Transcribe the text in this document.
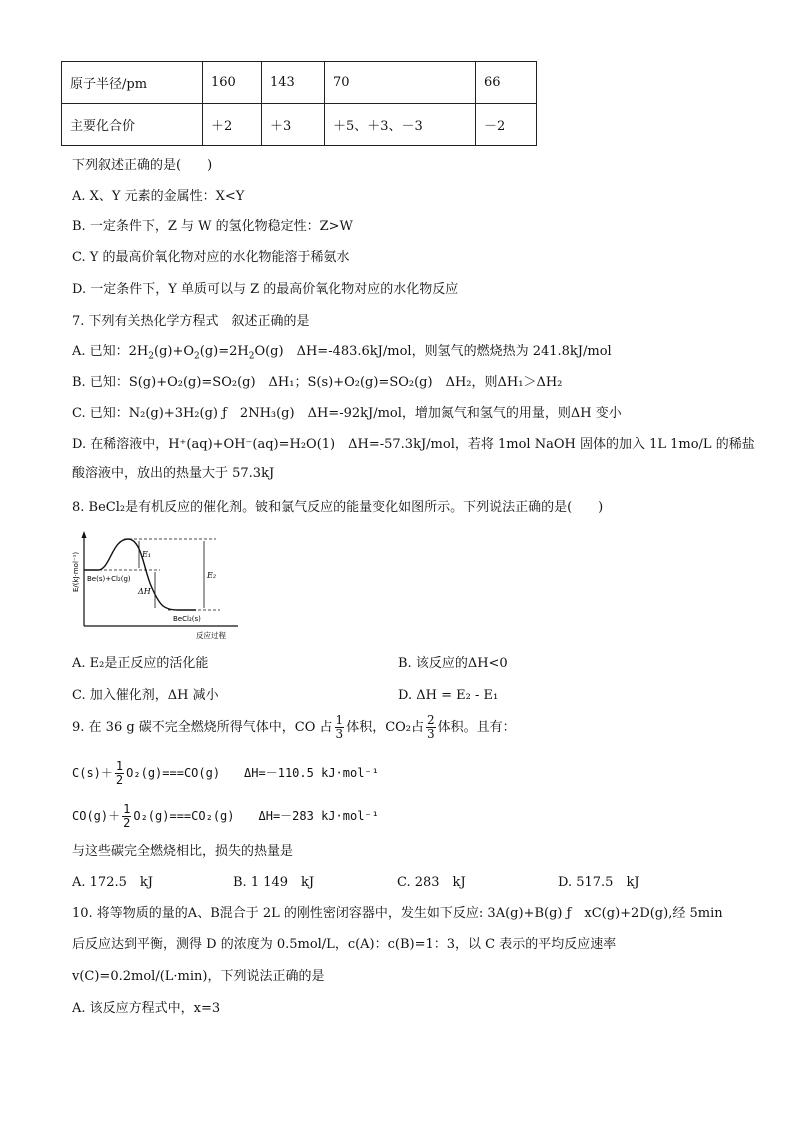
原子半径/pm	160	143	70	66
主要化合价	＋2	＋3	＋5、＋3、－3	－2
下列叙述正确的是(　　)
A. X、Y 元素的金属性：X<Y
B. 一定条件下，Z 与 W 的氢化物稳定性：Z>W
C. Y 的最高价氧化物对应的水化物能溶于稀氨水
D. 一定条件下，Y 单质可以与 Z 的最高价氧化物对应的水化物反应
7. 下列有关热化学方程式　叙述正确的是
A. 已知：$2H_2(g)+O_2(g)=2H_2O(g)$　ΔH=-483.6kJ/mol，则氢气的燃烧热为 241.8kJ/mol
B. 已知：S(g)+O₂(g)=SO₂(g)　ΔH₁；S(s)+O₂(g)=SO₂(g)　ΔH₂，则ΔH₁＞ΔH₂
C. 已知：N₂(g)+3H₂(g) ƒ　2NH₃(g)　ΔH=-92kJ/mol，增加氮气和氢气的用量，则ΔH 变小
D. 在稀溶液中，H⁺(aq)+OH⁻(aq)=H₂O(1)　ΔH=-57.3kJ/mol，若将 1mol NaOH 固体的加入 1L 1mo/L 的稀盐
酸溶液中，放出的热量大于 57.3kJ
8. BeCl₂是有机反应的催化剂。铍和氯气反应的能量变化如图所示。下列说法正确的是(　　)
E₁
E₂
ΔH
Be(s)+Cl₂(g)
BeCl₂(s)
反应过程
E/(kJ·mol⁻¹)
A. E₂是正反应的活化能	B. 该反应的ΔH<0
C. 加入催化剂，ΔH 减小	D. ΔH = E₂ - E₁
9. 在 36 g 碳不完全燃烧所得气体中，CO 占 $\frac{1}{3}$ 体积，CO₂占 $\frac{2}{3}$ 体积。且有：
$C(s)+ \frac{1}{2} O_2(g)===CO(g)$　　ΔH=－110.5 kJ·mol⁻¹
$CO(g)+ \frac{1}{2} O_2(g)===CO_2(g)$　　ΔH=－283 kJ·mol⁻¹
与这些碳完全燃烧相比，损失的热量是
A. 172.5　kJ	B. 1 149　kJ	C. 283　kJ	D. 517.5　kJ
10. 将等物质的量的A、B混合于 2L 的刚性密闭容器中，发生如下反应: 3A(g)+B(g) ƒ　xC(g)+2D(g),经 5min
后反应达到平衡，测得 D 的浓度为 0.5mol/L，c(A)：c(B)=1：3，以 C 表示的平均反应速率
v(C)=0.2mol/(L·min)，下列说法正确的是
A. 该反应方程式中，x=3
